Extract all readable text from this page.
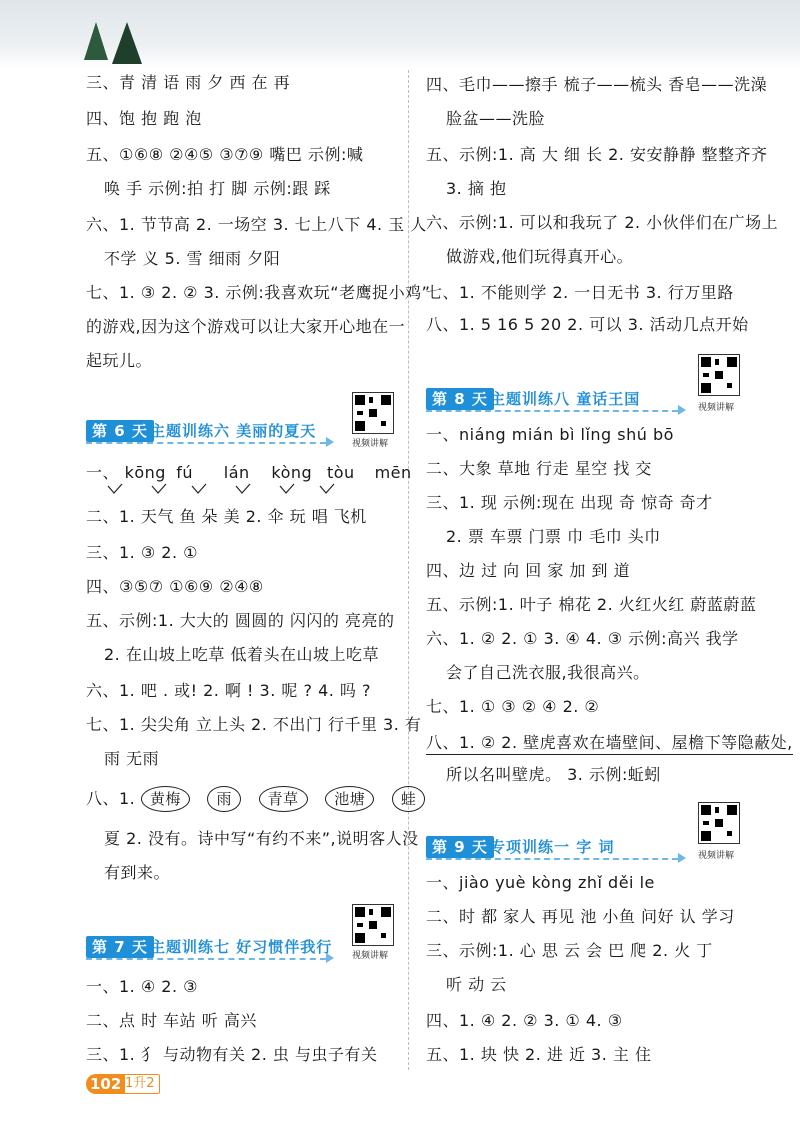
三、青 清 语 雨 夕 西 在 再
四、饱 抱 跑 泡
五、①⑥⑧ ②④⑤ ③⑦⑨ 嘴巴 示例:喊
唤 手 示例:拍 打 脚 示例:跟 踩
六、1. 节节高 2. 一场空 3. 七上八下 4. 玉 人
不学 义 5. 雪 细雨 夕阳
七、1. ③ 2. ② 3. 示例:我喜欢玩“老鹰捉小鸡”
的游戏,因为这个游戏可以让大家开心地在一
起玩儿。
第 6 天 主题训练六 美丽的夏天
视频讲解
一、 kōng fú lán kòng tòu mēn
二、1. 天气 鱼 朵 美 2. 伞 玩 唱 飞机
三、1. ③ 2. ①
四、③⑤⑦ ①⑥⑨ ②④⑧
五、示例:1. 大大的 圆圆的 闪闪的 亮亮的
2. 在山坡上吃草 低着头在山坡上吃草
六、1. 吧 . 或! 2. 啊 ! 3. 呢 ? 4. 吗 ?
七、1. 尖尖角 立上头 2. 不出门 行千里 3. 有
雨 无雨
八、1. 黄梅 雨 青草 池塘 蛙
夏 2. 没有。诗中写“有约不来”,说明客人没
有到来。
第 7 天 主题训练七 好习惯伴我行 视频讲解
一、1. ④ 2. ③
二、点 时 车站 听 高兴
三、1. 犭 与动物有关 2. 虫 与虫子有关
四、毛巾——擦手 梳子——梳头 香皂——洗澡
脸盆——洗脸
五、示例:1. 高 大 细 长 2. 安安静静 整整齐齐
3. 摘 抱
六、示例:1. 可以和我玩了 2. 小伙伴们在广场上
做游戏,他们玩得真开心。
七、1. 不能则学 2. 一日无书 3. 行万里路
八、1. 5 16 5 20 2. 可以 3. 活动几点开始
第 8 天 主题训练八 童话王国	视频讲解
一、niáng mián bì lǐng shú bō
二、大象 草地 行走 星空 找 交
三、1. 现 示例:现在 出现 奇 惊奇 奇才
2. 票 车票 门票 巾 毛巾 头巾
四、边 过 向 回 家 加 到 道
五、示例:1. 叶子 棉花 2. 火红火红 蔚蓝蔚蓝
六、1. ② 2. ① 3. ④ 4. ③ 示例:高兴 我学
会了自己洗衣服,我很高兴。
七、1. ① ③ ② ④ 2. ②
八、1. ② 2. 壁虎喜欢在墙壁间、屋檐下等隐蔽处,
所以名叫壁虎。 3. 示例:蚯蚓
第 9 天 专项训练一 字 词	视频讲解
一、jiào yuè kòng zhǐ děi le
二、时 都 家人 再见 池 小鱼 问好 认 学习
三、示例:1. 心 思 云 会 巴 爬 2. 火 丁
听 动 云
四、1. ④ 2. ② 3. ① 4. ③
五、1. 块 快 2. 进 近 3. 主 住
102 1升2
